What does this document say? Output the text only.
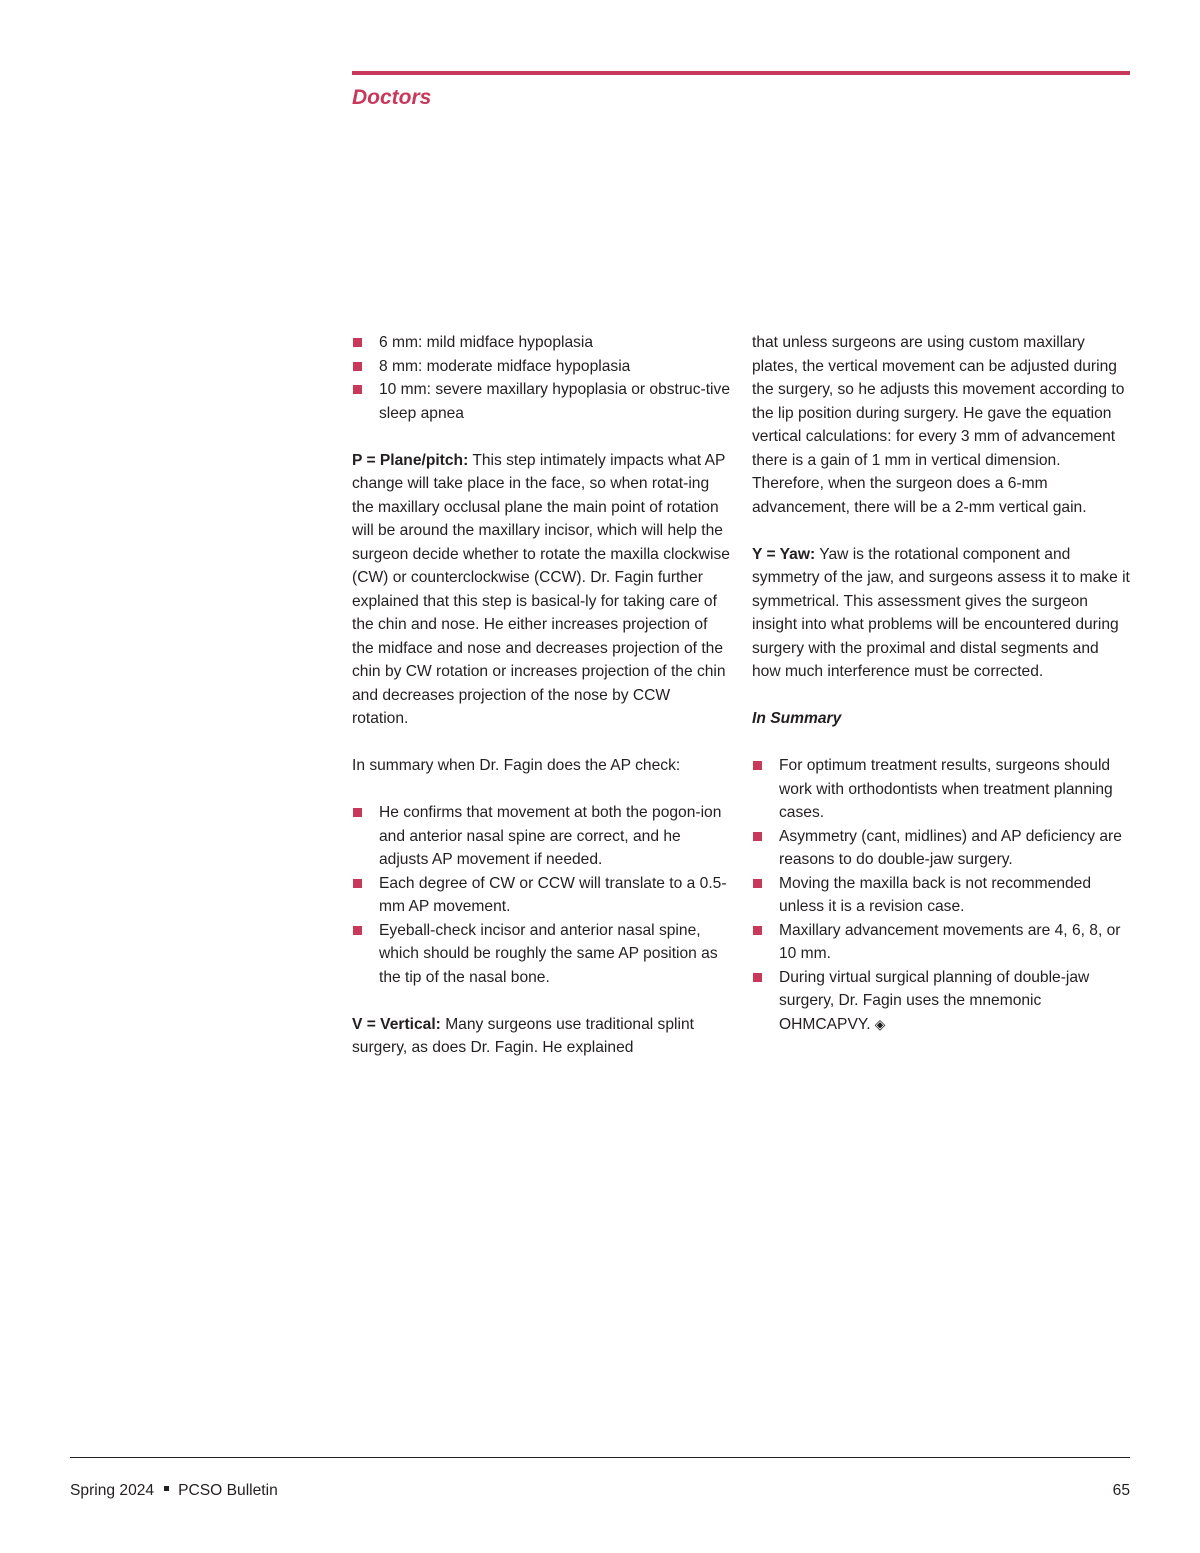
Doctors
6 mm: mild midface hypoplasia
8 mm: moderate midface hypoplasia
10 mm: severe maxillary hypoplasia or obstruc-tive sleep apnea

P = Plane/pitch: This step intimately impacts what AP change will take place in the face, so when rotat-ing the maxillary occlusal plane the main point of rotation will be around the maxillary incisor, which will help the surgeon decide whether to rotate the maxilla clockwise (CW) or counterclockwise (CCW). Dr. Fagin further explained that this step is basical-ly for taking care of the chin and nose. He either increases projection of the midface and nose and decreases projection of the chin by CW rotation or increases projection of the chin and decreases projection of the nose by CCW rotation.

In summary when Dr. Fagin does the AP check:

He confirms that movement at both the pogon-ion and anterior nasal spine are correct, and he adjusts AP movement if needed.
Each degree of CW or CCW will translate to a 0.5-mm AP movement.
Eyeball-check incisor and anterior nasal spine, which should be roughly the same AP position as the tip of the nasal bone.

V = Vertical: Many surgeons use traditional splint surgery, as does Dr. Fagin. He explained

that unless surgeons are using custom maxillary plates, the vertical movement can be adjusted during the surgery, so he adjusts this movement according to the lip position during surgery. He gave the equation vertical calculations: for every 3 mm of advancement there is a gain of 1 mm in vertical dimension. Therefore, when the surgeon does a 6-mm advancement, there will be a 2-mm vertical gain.

Y = Yaw: Yaw is the rotational component and symmetry of the jaw, and surgeons assess it to make it symmetrical. This assessment gives the surgeon insight into what problems will be encountered during surgery with the proximal and distal segments and how much interference must be corrected.

In Summary

For optimum treatment results, surgeons should work with orthodontists when treatment planning cases.
Asymmetry (cant, midlines) and AP deficiency are reasons to do double-jaw surgery.
Moving the maxilla back is not recommended unless it is a revision case.
Maxillary advancement movements are 4, 6, 8, or 10 mm.
During virtual surgical planning of double-jaw surgery, Dr. Fagin uses the mnemonic OHMCAPVY. ◈
Spring 2024 PCSO Bulletin	65
